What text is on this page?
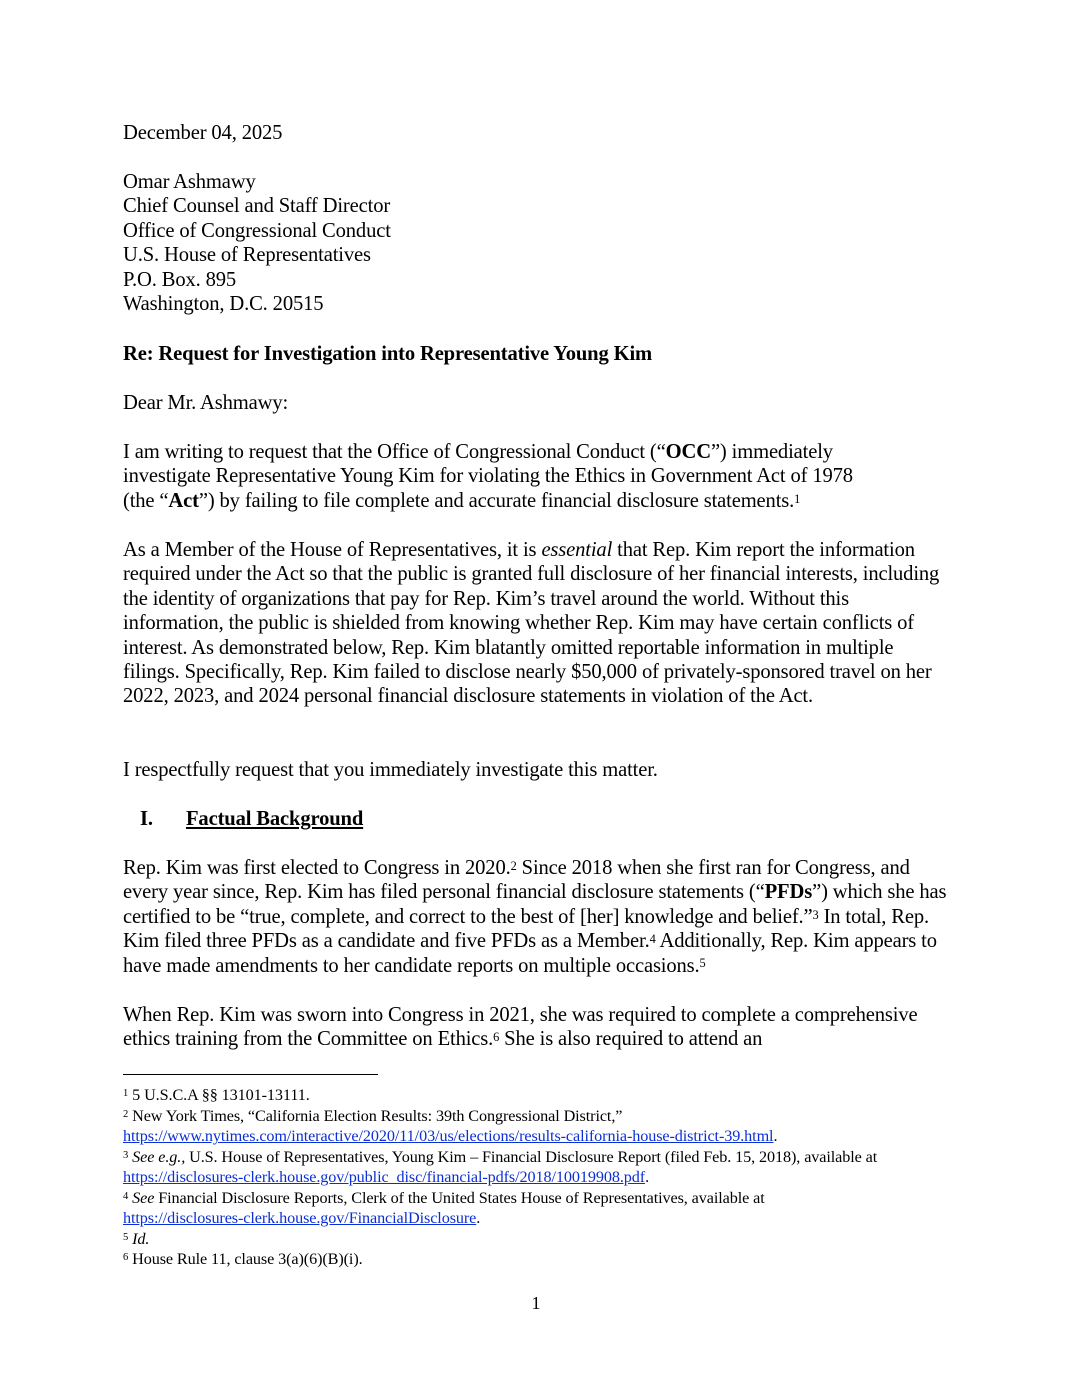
December 04, 2025

Omar Ashmawy
Chief Counsel and Staff Director
Office of Congressional Conduct
U.S. House of Representatives
P.O. Box. 895
Washington, D.C. 20515

Re: Request for Investigation into Representative Young Kim

Dear Mr. Ashmawy:

I am writing to request that the Office of Congressional Conduct (“OCC”) immediately investigate Representative Young Kim for violating the Ethics in Government Act of 1978 (the “Act”) by failing to file complete and accurate financial disclosure statements.$^1$

As a Member of the House of Representatives, it is essential that Rep. Kim report the information required under the Act so that the public is granted full disclosure of her financial interests, including the identity of organizations that pay for Rep. Kim’s travel around the world. Without this information, the public is shielded from knowing whether Rep. Kim may have certain conflicts of interest. As demonstrated below, Rep. Kim blatantly omitted reportable information in multiple filings. Specifically, Rep. Kim failed to disclose nearly $50,000 of privately-sponsored travel on her 2022, 2023, and 2024 personal financial disclosure statements in violation of the Act.

I respectfully request that you immediately investigate this matter.

I. Factual Background

Rep. Kim was first elected to Congress in 2020.$^2$ Since 2018 when she first ran for Congress, and every year since, Rep. Kim has filed personal financial disclosure statements (“PFDs”) which she has certified to be “true, complete, and correct to the best of [her] knowledge and belief.”$^3$ In total, Rep. Kim filed three PFDs as a candidate and five PFDs as a Member.$^4$ Additionally, Rep. Kim appears to have made amendments to her candidate reports on multiple occasions.$^5$

When Rep. Kim was sworn into Congress in 2021, she was required to complete a comprehensive ethics training from the Committee on Ethics.$^6$ She is also required to attend an

$^1$ 5 U.S.C.A §§ 13101-13111.
$^2$ New York Times, “California Election Results: 39th Congressional District,”
https://www.nytimes.com/interactive/2020/11/03/us/elections/results-california-house-district-39.html.
$^3$ See e.g., U.S. House of Representatives, Young Kim – Financial Disclosure Report (filed Feb. 15, 2018), available at https://disclosures-clerk.house.gov/public_disc/financial-pdfs/2018/10019908.pdf.
$^4$ See Financial Disclosure Reports, Clerk of the United States House of Representatives, available at
https://disclosures-clerk.house.gov/FinancialDisclosure.
$^5$ Id.
$^6$ House Rule 11, clause 3(a)(6)(B)(i).
1
